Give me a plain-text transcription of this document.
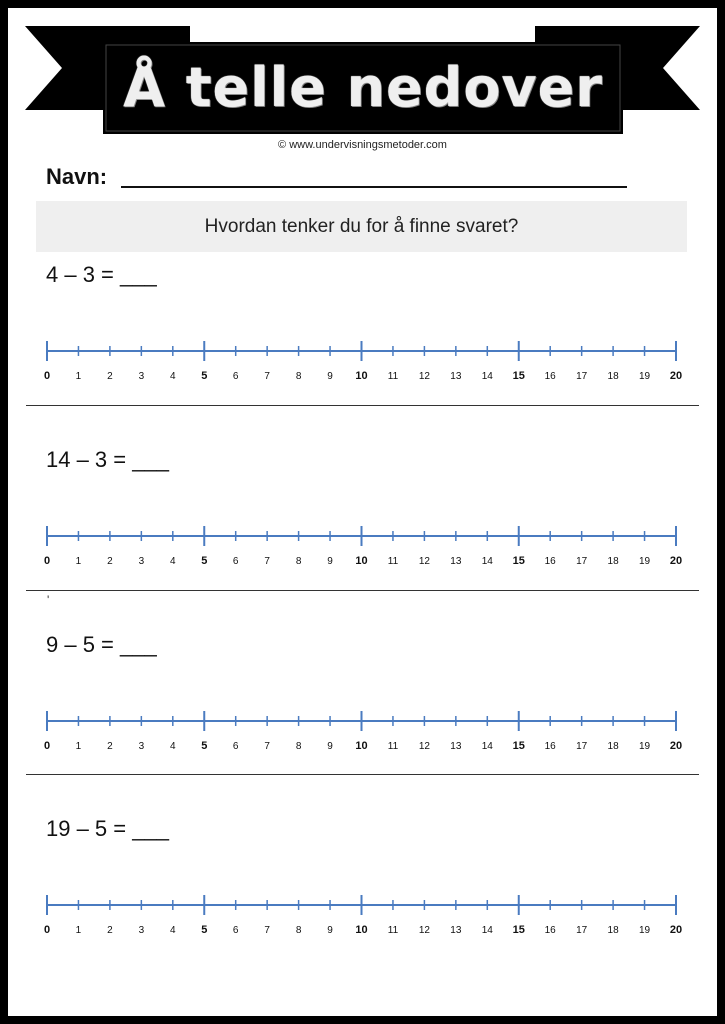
Å telle nedover
© www.undervisningsmetoder.com
Navn:
Hvordan tenker du for å finne svaret?
4 – 3 = ___
0	1	2	3	4 5	6	7	8	9 10 11 12 13 14 15 16 17 18 19 20
14 – 3 = ___
0	1	2	3	4 5	6	7	8	9 10 11 12 13 14 15 16 17 18 19 20
'
9 – 5 = ___
0	1	2	3	4 5	6	7	8	9 10 11 12 13 14 15 16 17 18 19 20
19 – 5 = ___
0	1	2	3	4 5	6	7	8	9 10 11 12 13 14 15 16 17 18 19 20
